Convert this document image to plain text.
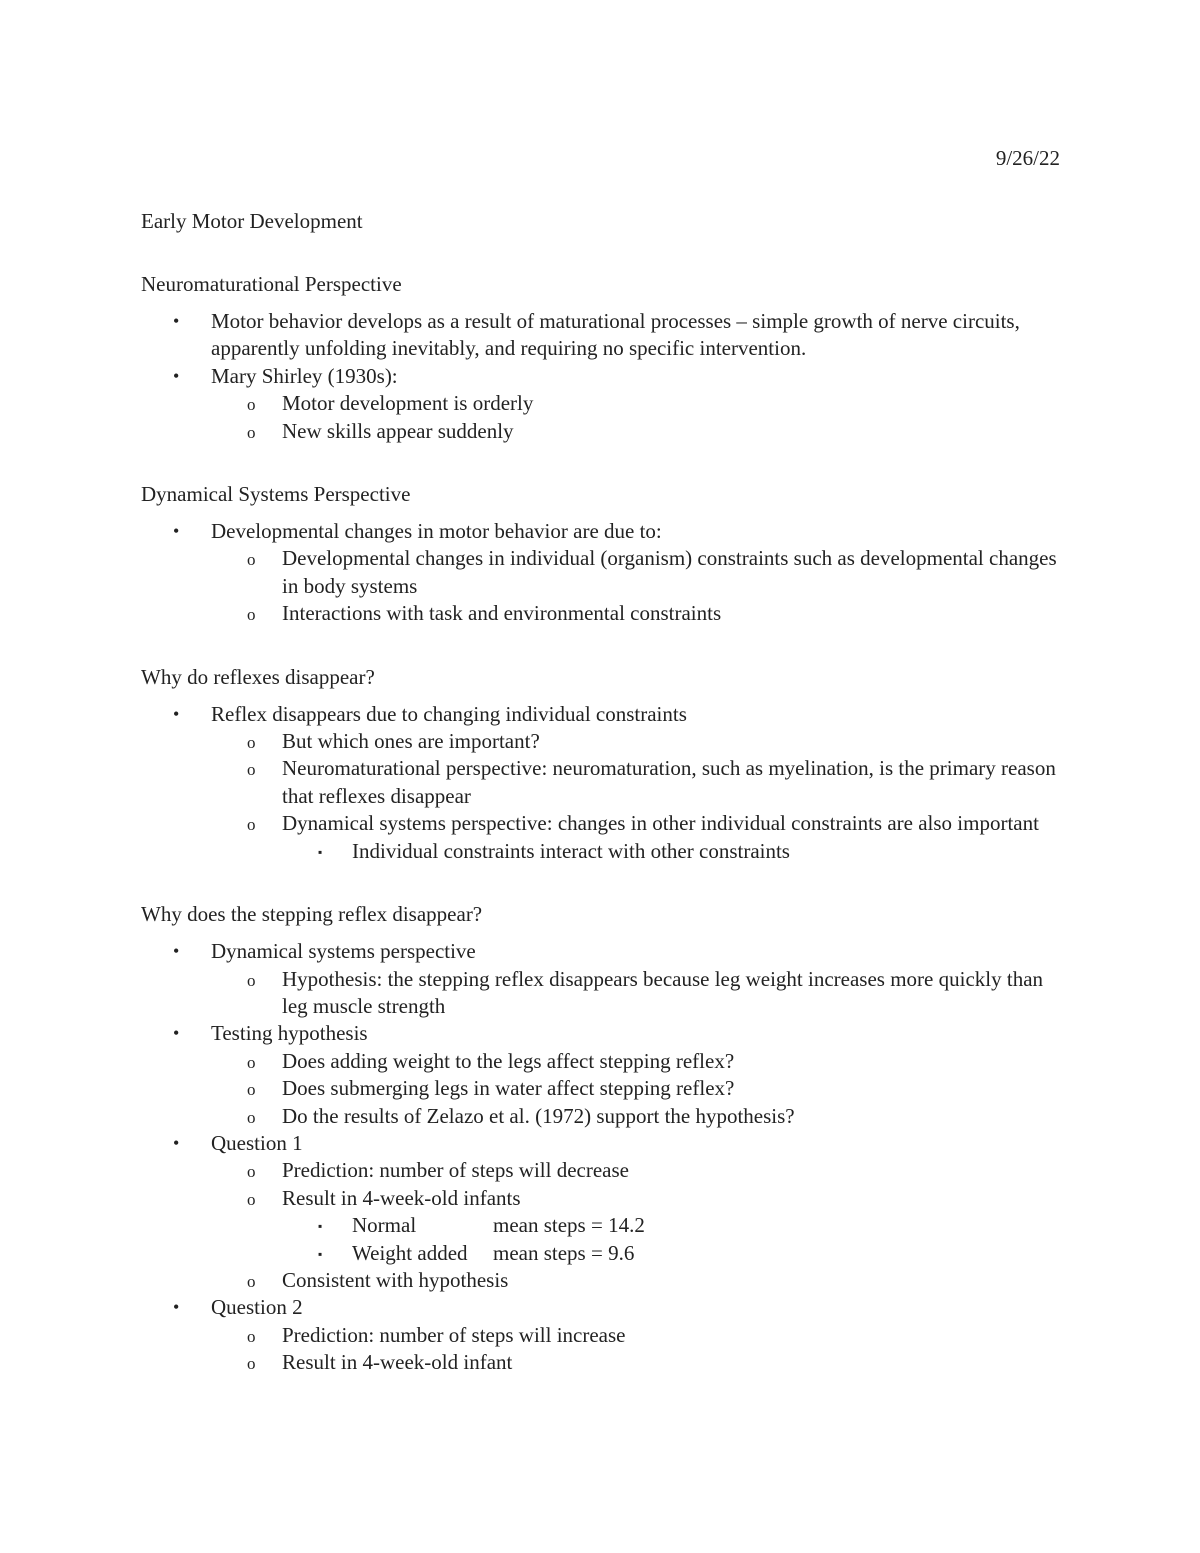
9/26/22

Early Motor Development

Neuromaturational Perspective

• Motor behavior develops as a result of maturational processes – simple growth of nerve circuits, apparently unfolding inevitably, and requiring no specific intervention.
• Mary Shirley (1930s):
o Motor development is orderly
o New skills appear suddenly

Dynamical Systems Perspective

• Developmental changes in motor behavior are due to:
o Developmental changes in individual (organism) constraints such as developmental changes in body systems
o Interactions with task and environmental constraints

Why do reflexes disappear?

• Reflex disappears due to changing individual constraints
o But which ones are important?
o Neuromaturational perspective: neuromaturation, such as myelination, is the primary reason that reflexes disappear
o Dynamical systems perspective: changes in other individual constraints are also important
▪ Individual constraints interact with other constraints

Why does the stepping reflex disappear?

• Dynamical systems perspective
o Hypothesis: the stepping reflex disappears because leg weight increases more quickly than leg muscle strength
• Testing hypothesis
o Does adding weight to the legs affect stepping reflex?
o Does submerging legs in water affect stepping reflex?
o Do the results of Zelazo et al. (1972) support the hypothesis?
• Question 1
o Prediction: number of steps will decrease
o Result in 4-week-old infants
▪ Normal	mean steps = 14.2
▪ Weight added mean steps = 9.6
o Consistent with hypothesis
• Question 2
o Prediction: number of steps will increase
o Result in 4-week-old infant
